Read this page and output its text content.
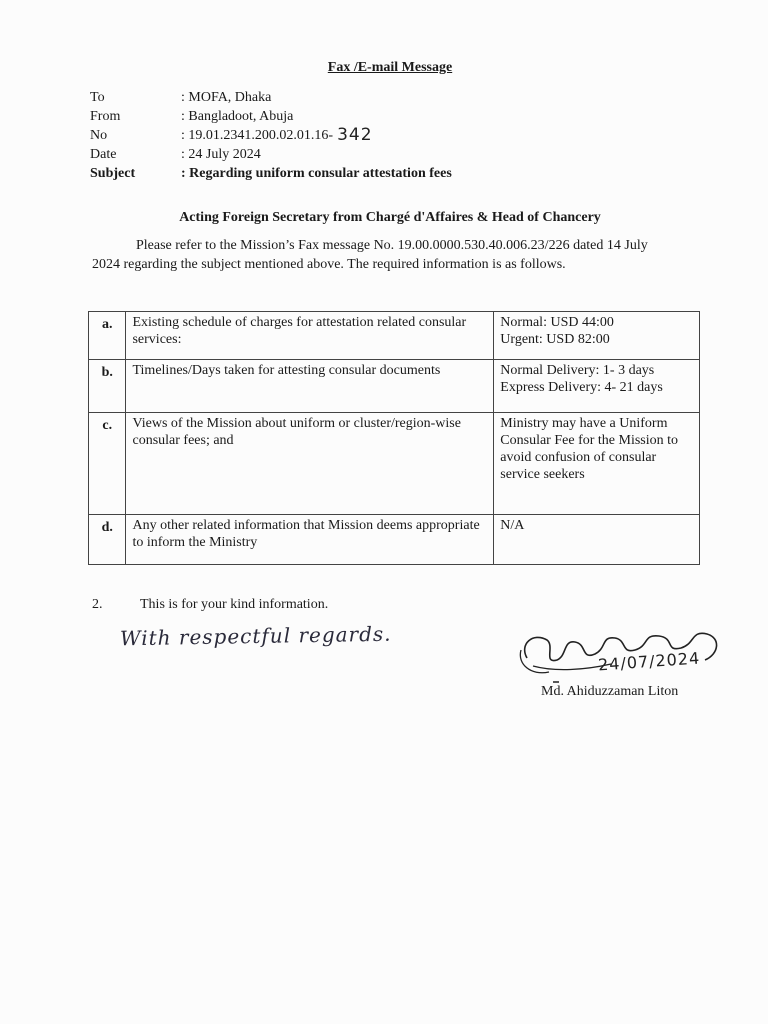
Fax /E-mail Message
To	: MOFA, Dhaka
From	: Bangladoot, Abuja
No	: 19.01.2341.200.02.01.16- 342
Date	: 24 July 2024
Subject	: Regarding uniform consular attestation fees
Acting Foreign Secretary from Chargé d'Affaires & Head of Chancery
Please refer to the Mission’s Fax message No. 19.00.0000.530.40.006.23/226 dated 14 July 2024 regarding the subject mentioned above. The required information is as follows.
a.	Existing schedule of charges for attestation related consular services:	Normal: USD 44:00
Urgent: USD 82:00

b.	Timelines/Days taken for attesting consular documents	Normal Delivery: 1- 3 days
Express Delivery: 4- 21 days

c.	Views of the Mission about uniform or cluster/region-wise consular fees; and	Ministry may have a Uniform Consular Fee for the Mission to avoid confusion of consular service seekers

d.	Any other related information that Mission deems appropriate to inform the Ministry	N/A
2.	This is for your kind information.
With respectful regards.
24/07/2024
Md. Ahiduzzaman Liton
